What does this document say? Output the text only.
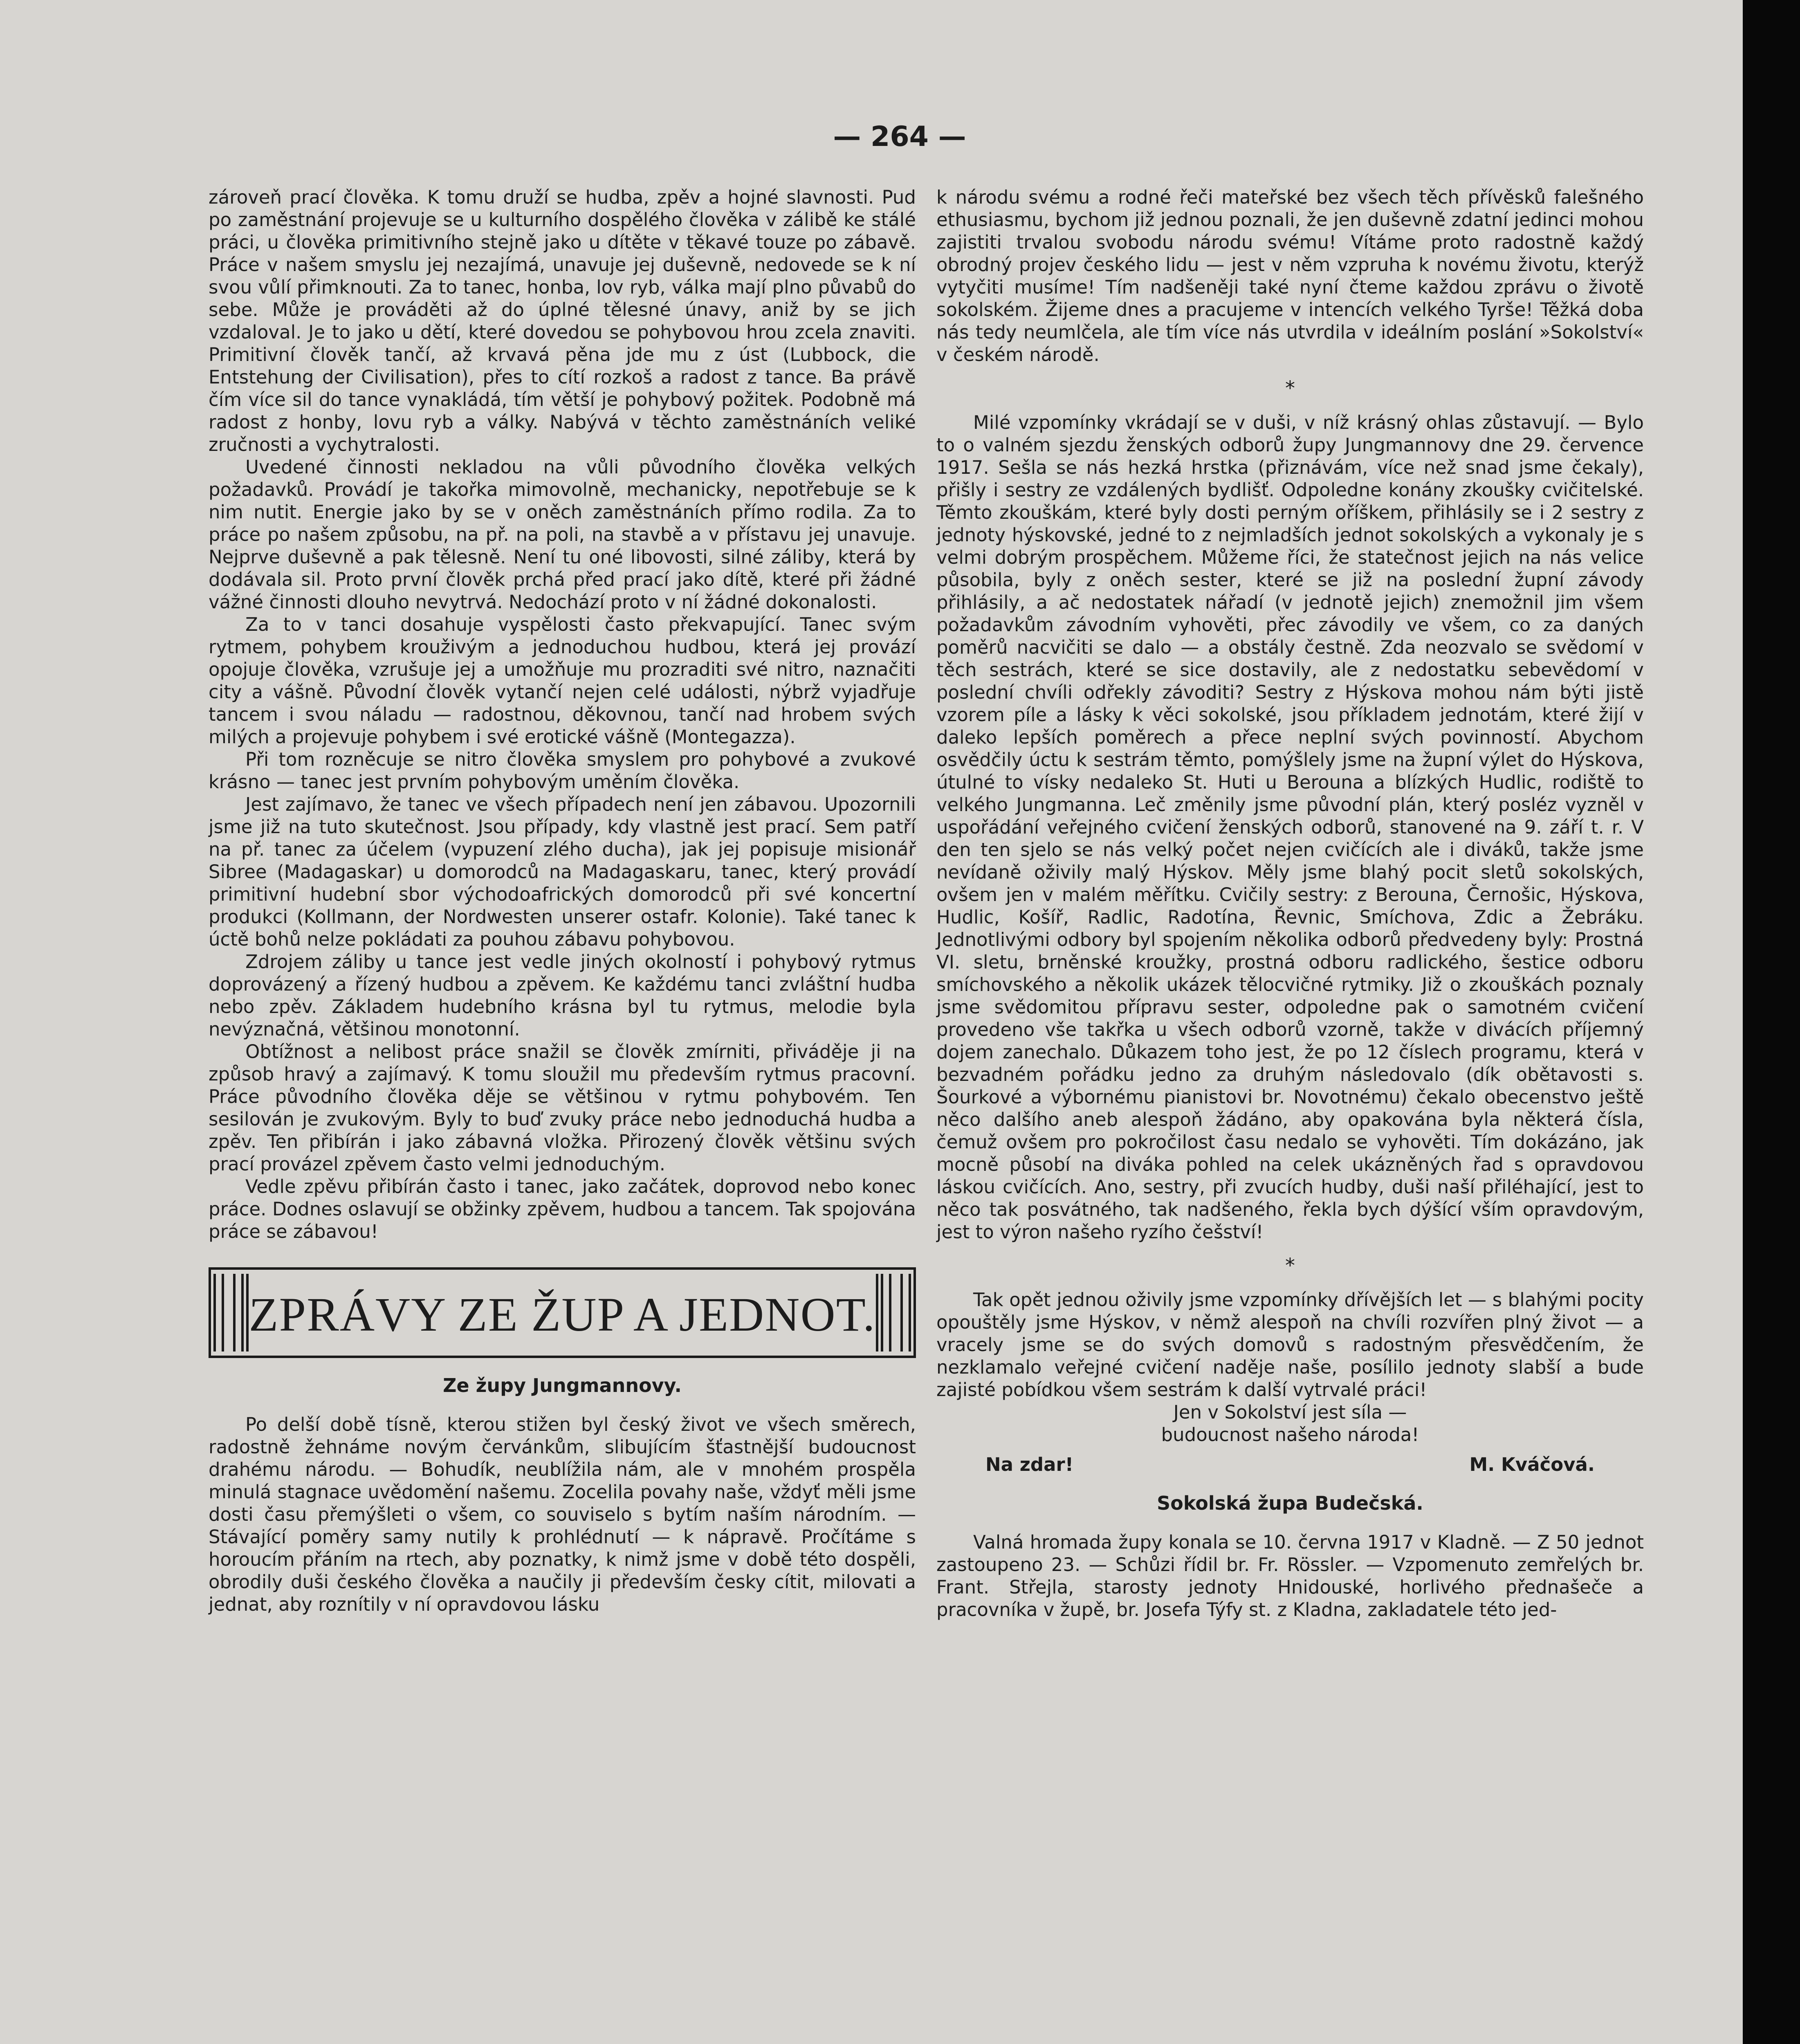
— 264 —

zároveň prací člověka. K tomu druží se hudba, zpěv a hojné slavnosti. Pud po zaměstnání projevuje se u kulturního dospělého člověka v zálibě ke stálé práci, u člověka primitivního stejně jako u dítěte v těkavé touze po zábavě. Práce v našem smyslu jej nezajímá, unavuje jej duševně, nedovede se k ní svou vůlí přimknouti. Za to tanec, honba, lov ryb, válka mají plno půvabů do sebe. Může je prováděti až do úplné tělesné únavy, aniž by se jich vzdaloval. Je to jako u dětí, které dovedou se pohybovou hrou zcela znaviti. Primitivní člověk tančí, až krvavá pěna jde mu z úst (Lubbock, die Entstehung der Civilisation), přes to cítí rozkoš a radost z tance. Ba právě čím více sil do tance vynakládá, tím větší je pohybový požitek. Podobně má radost z honby, lovu ryb a války. Nabývá v těchto zaměstnáních veliké zručnosti a vychytralosti.

Uvedené činnosti nekladou na vůli původního člověka velkých požadavků. Provádí je takořka mimovolně, mechanicky, nepotřebuje se k nim nutit. Energie jako by se v oněch zaměstnáních přímo rodila. Za to práce po našem způsobu, na př. na poli, na stavbě a v přístavu jej unavuje. Nejprve duševně a pak tělesně. Není tu oné libovosti, silné záliby, která by dodávala sil. Proto první člověk prchá před prací jako dítě, které při žádné vážné činnosti dlouho nevytrvá. Nedochází proto v ní žádné dokonalosti.

Za to v tanci dosahuje vyspělosti často překvapující. Tanec svým rytmem, pohybem krouživým a jednoduchou hudbou, která jej provází opojuje člověka, vzrušuje jej a umožňuje mu prozraditi své nitro, naznačiti city a vášně. Původní člověk vytančí nejen celé události, nýbrž vyjadřuje tancem i svou náladu — radostnou, děkovnou, tančí nad hrobem svých milých a projevuje pohybem i své erotické vášně (Montegazza).

Při tom rozněcuje se nitro člověka smyslem pro pohybové a zvukové krásno — tanec jest prvním pohybovým uměním člověka.

Jest zajímavo, že tanec ve všech případech není jen zábavou. Upozornili jsme již na tuto skutečnost. Jsou případy, kdy vlastně jest prací. Sem patří na př. tanec za účelem (vypuzení zlého ducha), jak jej popisuje misionář Sibree (Madagaskar) u domorodců na Madagaskaru, tanec, který provádí primitivní hudební sbor východoafrických domorodců při své koncertní produkci (Kollmann, der Nordwesten unserer ostafr. Kolonie). Také tanec k úctě bohů nelze pokládati za pouhou zábavu pohybovou.

Zdrojem záliby u tance jest vedle jiných okolností i pohybový rytmus doprovázený a řízený hudbou a zpěvem. Ke každému tanci zvláštní hudba nebo zpěv. Základem hudebního krásna byl tu rytmus, melodie byla nevýznačná, většinou monotonní.

Obtížnost a nelibost práce snažil se člověk zmírniti, přiváděje ji na způsob hravý a zajímavý. K tomu sloužil mu především rytmus pracovní. Práce původního člověka děje se většinou v rytmu pohybovém. Ten sesilován je zvukovým. Byly to buď zvuky práce nebo jednoduchá hudba a zpěv. Ten přibírán i jako zábavná vložka. Přirozený člověk většinu svých prací provázel zpěvem často velmi jednoduchým.

Vedle zpěvu přibírán často i tanec, jako začátek, doprovod nebo konec práce. Dodnes oslavují se obžinky zpěvem, hudbou a tancem. Tak spojována práce se zábavou!

ZPRÁVY ZE ŽUP A JEDNOT.
Ze župy Jungmannovy.

Po delší době tísně, kterou stižen byl český život ve všech směrech, radostně žehnáme novým červánkům, slibujícím šťastnější budoucnost drahému národu. — Bohudík, neublížila nám, ale v mnohém prospěla minulá stagnace uvědomění našemu. Zocelila povahy naše, vždyť měli jsme dosti času přemýšleti o všem, co souviselo s bytím naším národním. — Stávající poměry samy nutily k prohlédnutí — k nápravě. Pročítáme s horoucím přáním na rtech, aby poznatky, k nimž jsme v době této dospěli, obrodily duši českého člověka a naučily ji především česky cítit, milovati a jednat, aby roznítily v ní opravdovou lásku

k národu svému a rodné řeči mateřské bez všech těch přívěsků falešného ethusiasmu, bychom již jednou poznali, že jen duševně zdatní jedinci mohou zajistiti trvalou svobodu národu svému! Vítáme proto radostně každý obrodný projev českého lidu — jest v něm vzpruha k novému životu, kterýž vytyčiti musíme! Tím nadšeněji také nyní čteme každou zprávu o životě sokolském. Žijeme dnes a pracujeme v intencích velkého Tyrše! Těžká doba nás tedy neumlčela, ale tím více nás utvrdila v ideálním poslání »Sokolství« v českém národě.

*

Milé vzpomínky vkrádají se v duši, v níž krásný ohlas zůstavují. — Bylo to o valném sjezdu ženských odborů župy Jungmannovy dne 29. července 1917. Sešla se nás hezká hrstka (přiznávám, více než snad jsme čekaly), přišly i sestry ze vzdálených bydlišť. Odpoledne konány zkoušky cvičitelské. Těmto zkouškám, které byly dosti perným oříškem, přihlásily se i 2 sestry z jednoty hýskovské, jedné to z nejmladších jednot sokolských a vykonaly je s velmi dobrým prospěchem. Můžeme říci, že statečnost jejich na nás velice působila, byly z oněch sester, které se již na poslední župní závody přihlásily, a ač nedostatek nářadí (v jednotě jejich) znemožnil jim všem požadavkům závodním vyhověti, přec závodily ve všem, co za daných poměrů nacvičiti se dalo — a obstály čestně. Zda neozvalo se svědomí v těch sestrách, které se sice dostavily, ale z nedostatku sebevědomí v poslední chvíli odřekly závoditi? Sestry z Hýskova mohou nám býti jistě vzorem píle a lásky k věci sokolské, jsou příkladem jednotám, které žijí v daleko lepších poměrech a přece nepln​í svých povinností. Abychom osvědčily úctu k sestrám těmto, pomýšlely jsme na župní výlet do Hýskova, útulné to vísky nedaleko St. Huti u Berouna a blízkých Hudlic, rodiště to velkého Jungmanna. Leč změnily jsme původní plán, který posléz vyzněl v uspořádání veřejného cvičení ženských odborů, stanovené na 9. září t. r. V den ten sjelo se nás velký počet nejen cvičících ale i diváků, takže jsme nevídaně oživily malý Hýskov. Měly jsme blahý pocit sletů sokolských, ovšem jen v malém měřítku. Cvičily sestry: z Berouna, Černošic, Hýskova, Hudlic, Košíř, Radlic, Radotína, Řevnic, Smíchova, Zdic a Žebráku. Jednotlivými odbory byl spojením několika odborů předvedeny byly: Prostná VI. sletu, brněnské kroužky, prostná odboru radlického, šestice odboru smíchovského a několik ukázek tělocvičné rytmiky. Již o zkouškách poznaly jsme svědomitou přípravu sester, odpoledne pak o samotném cvičení provedeno vše takřka u všech odborů vzorně, takže v divácích příjemný dojem zanechalo. Důkazem toho jest, že po 12 číslech programu, která v bezvadném pořádku jedno za druhým následovalo (dík obětavosti s. Šourkové a výbornému pianistovi br. Novotnému) čekalo obecenstvo ještě něco dalšího aneb alespoň žádáno, aby opakována byla některá čísla, čemuž ovšem pro pokročilost času nedalo se vyhověti. Tím dokázáno, jak mocně působí na diváka pohled na celek ukázněných řad s opravdovou láskou cvičících. Ano, sestry, při zvucích hudby, duši naší přiléhající, jest to něco tak posvátného, tak nadšeného, řekla bych dýšící vším opravdovým, jest to výron našeho ryzího češství!

*

Tak opět jednou oživily jsme vzpomínky dřívějších let — s blahými pocity opouštěly jsme Hýskov, v němž alespoň na chvíli rozvířen plný život — a vracely jsme se do svých domovů s radostným přesvědčením, že nezklamalo veřejné cvičení naděje naše, posílilo jednoty slabší a bude zajisté pobídkou všem sestrám k další vytrvalé práci!

Jen v Sokolství jest síla —

budoucnost našeho národa!

Na zdar!	M. Kváčová.
Sokolská župa Budečská.

Valná hromada župy konala se 10. června 1917 v Kladně. — Z 50 jednot zastoupeno 23. — Schůzi řídil br. Fr. Rössler. — Vzpomenuto zemřelých br. Frant. Střejla, starosty jednoty Hnidouské, horlivého přednašeče a pracovníka v župě, br. Josefa Týfy st. z Kladna, zakladatele této jed-
